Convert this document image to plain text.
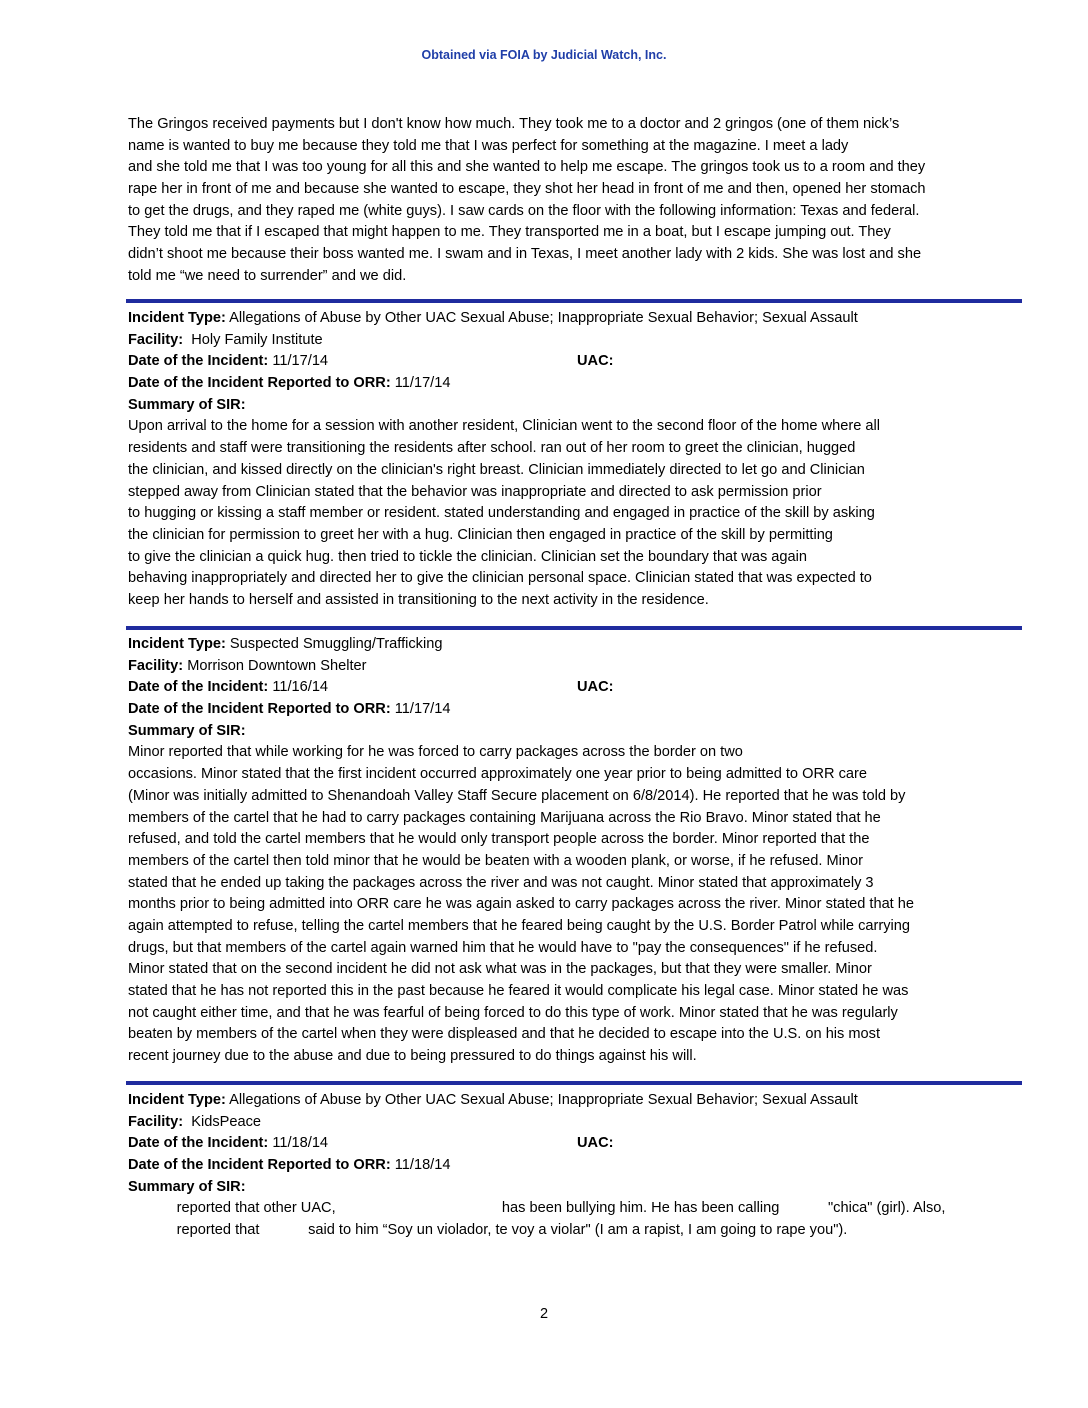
Obtained via FOIA by Judicial Watch, Inc.
The Gringos received payments but I don't know how much. They took me to a doctor and 2 gringos (one of them nick’s
name is wanted to buy me because they told me that I was perfect for something at the magazine. I meet a lady
and she told me that I was too young for all this and she wanted to help me escape. The gringos took us to a room and they
rape her in front of me and because she wanted to escape, they shot her head in front of me and then, opened her stomach
to get the drugs, and they raped me (white guys). I saw cards on the floor with the following information: Texas and federal.
They told me that if I escaped that might happen to me. They transported me in a boat, but I escape jumping out. They
didn’t shoot me because their boss wanted me. I swam and in Texas, I meet another lady with 2 kids. She was lost and she
told me “we need to surrender” and we did.
Incident Type: Allegations of Abuse by Other UAC Sexual Abuse; Inappropriate Sexual Behavior; Sexual Assault
Facility: Holy Family Institute
Date of the Incident: 11/17/14	UAC:
Date of the Incident Reported to ORR: 11/17/14
Summary of SIR:
Upon arrival to the home for a session with another resident, Clinician went to the second floor of the home where all
residents and staff were transitioning the residents after school. ran out of her room to greet the clinician, hugged
the clinician, and kissed directly on the clinician's right breast. Clinician immediately directed to let go and Clinician
stepped away from Clinician stated that the behavior was inappropriate and directed to ask permission prior
to hugging or kissing a staff member or resident. stated understanding and engaged in practice of the skill by asking
the clinician for permission to greet her with a hug. Clinician then engaged in practice of the skill by permitting
to give the clinician a quick hug. then tried to tickle the clinician. Clinician set the boundary that was again
behaving inappropriately and directed her to give the clinician personal space. Clinician stated that was expected to
keep her hands to herself and assisted in transitioning to the next activity in the residence.
Incident Type: Suspected Smuggling/Trafficking
Facility: Morrison Downtown Shelter
Date of the Incident: 11/16/14	UAC:
Date of the Incident Reported to ORR: 11/17/14
Summary of SIR:
Minor reported that while working for he was forced to carry packages across the border on two
occasions. Minor stated that the first incident occurred approximately one year prior to being admitted to ORR care
(Minor was initially admitted to Shenandoah Valley Staff Secure placement on 6/8/2014). He reported that he was told by
members of the cartel that he had to carry packages containing Marijuana across the Rio Bravo. Minor stated that he
refused, and told the cartel members that he would only transport people across the border. Minor reported that the
members of the cartel then told minor that he would be beaten with a wooden plank, or worse, if he refused. Minor
stated that he ended up taking the packages across the river and was not caught. Minor stated that approximately 3
months prior to being admitted into ORR care he was again asked to carry packages across the river. Minor stated that he
again attempted to refuse, telling the cartel members that he feared being caught by the U.S. Border Patrol while carrying
drugs, but that members of the cartel again warned him that he would have to "pay the consequences" if he refused.
Minor stated that on the second incident he did not ask what was in the packages, but that they were smaller. Minor
stated that he has not reported this in the past because he feared it would complicate his legal case. Minor stated he was
not caught either time, and that he was fearful of being forced to do this type of work. Minor stated that he was regularly
beaten by members of the cartel when they were displeased and that he decided to escape into the U.S. on his most
recent journey due to the abuse and due to being pressured to do things against his will.
Incident Type: Allegations of Abuse by Other UAC Sexual Abuse; Inappropriate Sexual Behavior; Sexual Assault
Facility: KidsPeace
Date of the Incident: 11/18/14	UAC:
Date of the Incident Reported to ORR: 11/18/14
Summary of SIR:
reported that other UAC,                                         has been bullying him. He has been calling            "chica" (girl). Also,
reported that            said to him “Soy un violador, te voy a violar" (I am a rapist, I am going to rape you").
2
